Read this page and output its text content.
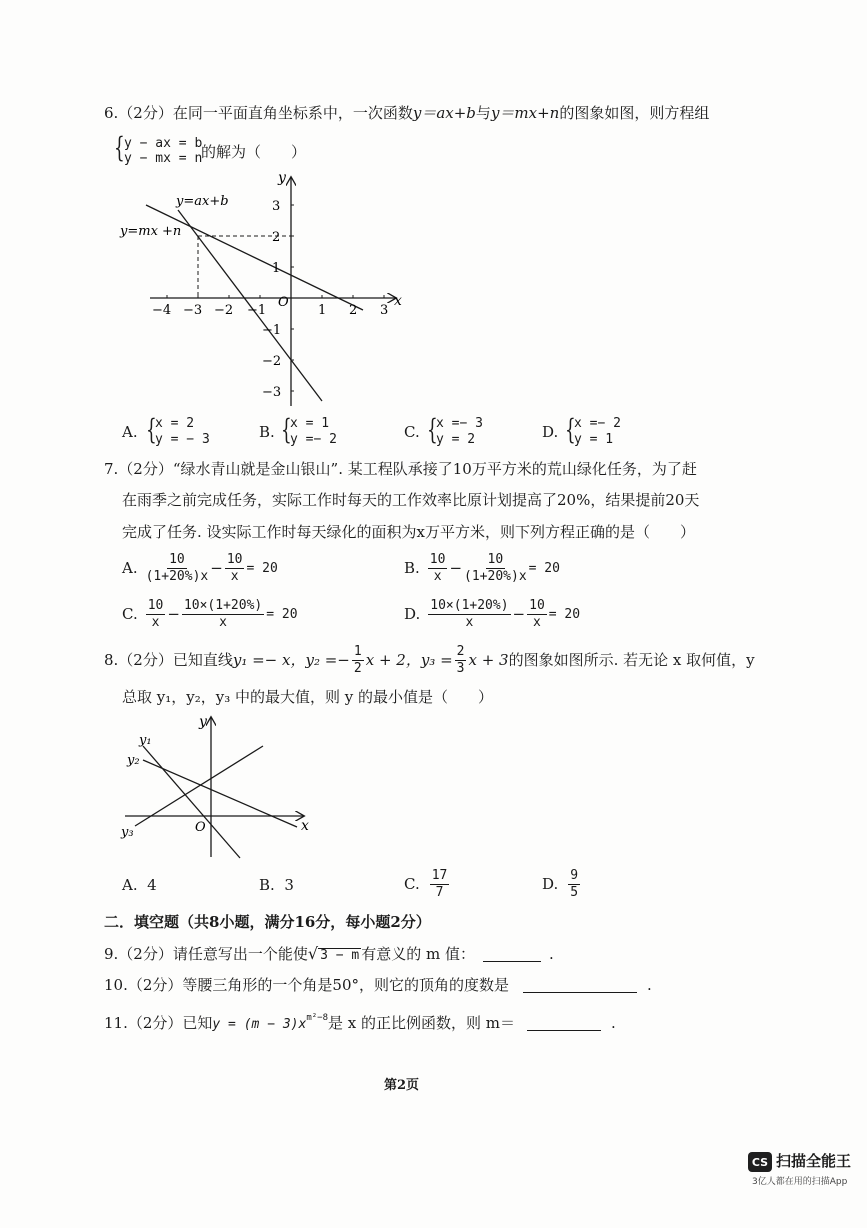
6.（2分）在同一平面直角坐标系中，一次函数y＝ax+b与y＝mx+n的图象如图，则方程组
{ y − ax = b
y − mx = n
的解为（　　）
y
x
O
y=ax+b
y=mx +n
−4 −3 −2 −1	1 2 3
3
2
1
−1
−2
−3
A. {
x = 2
y = − 3	B. {
x = 1
y =− 2	C. {
x =− 3
y = 2	D. {
x =− 2
y = 1
7.（2分）“绿水青山就是金山银山”. 某工程队承接了10万平方米的荒山绿化任务，为了赶
在雨季之前完成任务，实际工作时每天的工作效率比原计划提高了20%，结果提前20天
完成了任务. 设实际工作时每天绿化的面积为x万平方米，则下列方程正确的是（　　）
A. $\frac{10}{(1+20\%)x} - \frac{10}{x} = 20$	B. $\frac{10}{x} - \frac{10}{(1+20\%)x} = 20$
C. $\frac{10}{x} - \frac{10\times(1+20\%)}{x} = 20$	D. $\frac{10\times(1+20\%)}{x} - \frac{10}{x} = 20$
8.（2分）已知直线 y₁ =− x， $y_2 =- \frac{1}{2}$ x + 2， $y_3 = \frac{2}{3}$ x + 3 的图象如图所示. 若无论 x 取何值，y
总取 y₁，y₂，y₃ 中的最大值，则 y 的最小值是（　　）
y
x
O
y₁
y₂
y₃
A. 4	B. 3	C. $\frac{17}{7}$	D. $\frac{9}{5}$
二．填空题（共8小题，满分16分，每小题2分）
9.（2分）请任意写出一个能使 √ 3 − m 有意义的 m 值：	.
10.（2分）等腰三角形的一个角是50°，则它的顶角的度数是	.
11.（2分）已知 $y = (m - 3)x^{m^2-8}$ 是 x 的正比例函数，则 m＝	.
第2页
CS 扫描全能王
3亿人都在用的扫描App
